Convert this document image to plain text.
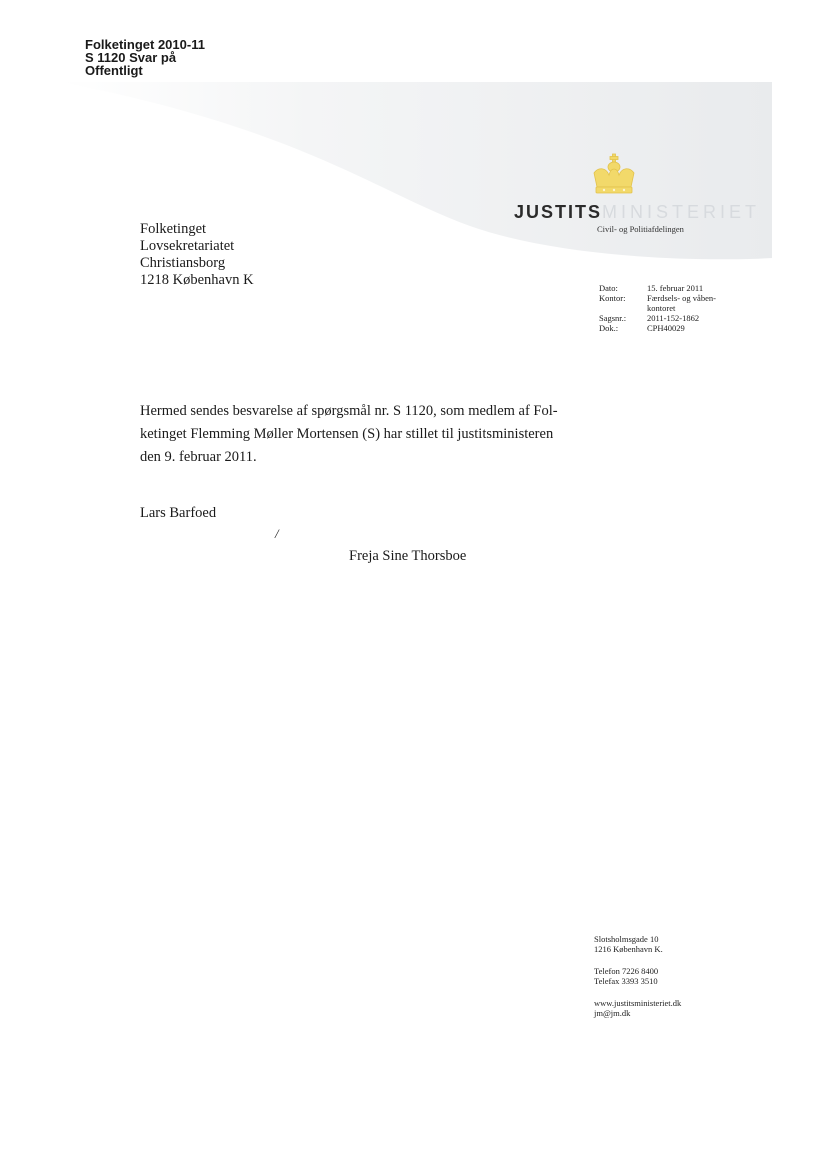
Folketinget 2010-11
S 1120 Svar på
Offentligt
Folketinget
Lovsekretariatet
Christiansborg
1218 København K
JUSTITSMINISTERIET
Civil- og Politiafdelingen
Dato:	15. februar 2011
Kontor:	Færdsels- og våben-
kontoret

Sagsnr.:	2011-152-1862
Dok.:	CPH40029
Hermed sendes besvarelse af spørgsmål nr. S 1120, som medlem af Fol-
ketinget Flemming Møller Mortensen (S) har stillet til justitsministeren
den 9. februar 2011.
Lars Barfoed
/
Freja Sine Thorsboe
Slotsholmsgade 10
1216 København K.
Telefon 7226 8400
Telefax 3393 3510
www.justitsministeriet.dk
jm@jm.dk
